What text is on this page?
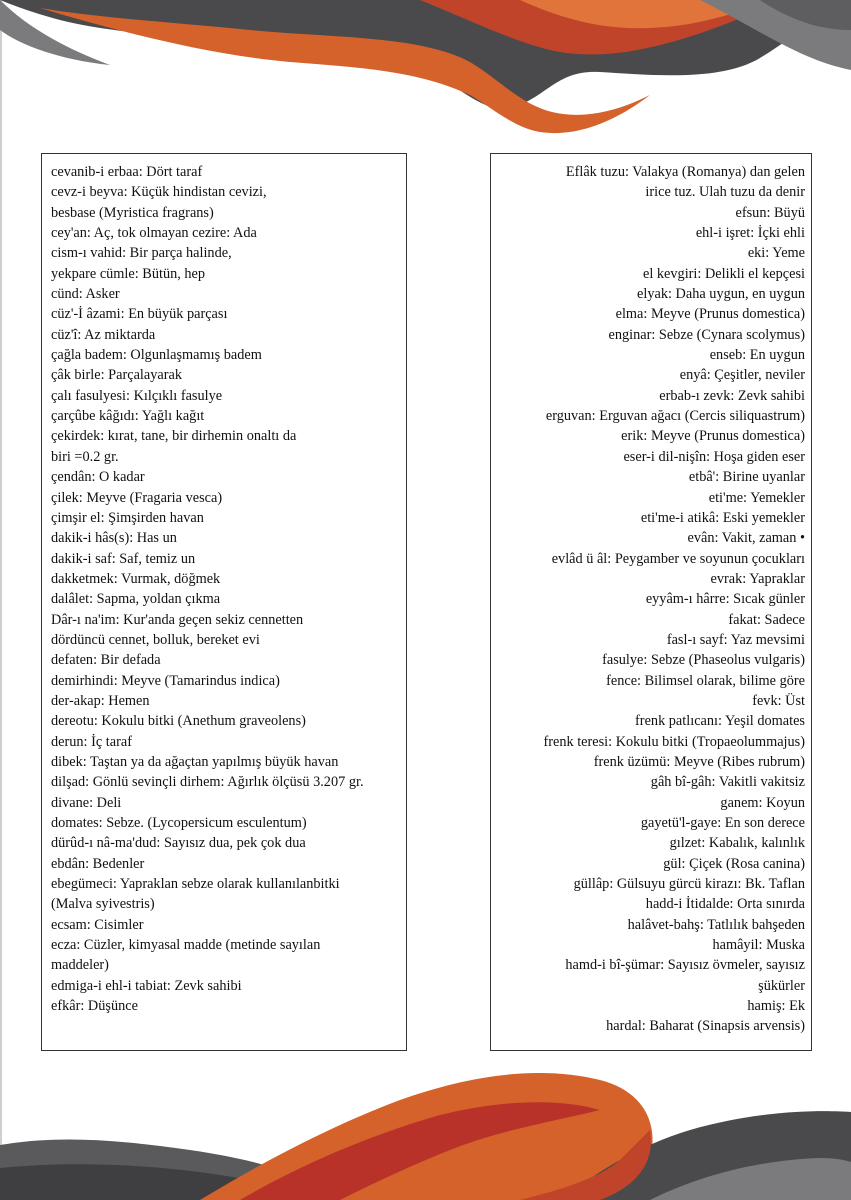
cevanib-i erbaa: Dört taraf
cevz-i beyva: Küçük hindistan cevizi,
besbase (Myristica fragrans)
cey'an: Aç, tok olmayan cezire: Ada
cism-ı vahid: Bir parça halinde,
yekpare cümle: Bütün, hep
cünd: Asker
cüz'-İ âzami: En büyük parçası
cüz'î: Az miktarda
çağla badem: Olgunlaşmamış badem
çâk birle: Parçalayarak
çalı fasulyesi: Kılçıklı fasulye
çarçûbe kâğıdı: Yağlı kağıt
çekirdek: kırat, tane, bir dirhemin onaltı da
biri =0.2 gr.
çendân: O kadar
çilek: Meyve (Fragaria vesca)
çimşir el: Şimşirden havan
dakik-i hâs(s): Has un
dakik-i saf: Saf, temiz un
dakketmek: Vurmak, döğmek
dalâlet: Sapma, yoldan çıkma
Dâr-ı na'im: Kur'anda geçen sekiz cennetten
dördüncü cennet, bolluk, bereket evi
defaten: Bir defada
demirhindi: Meyve (Tamarindus indica)
der-akap: Hemen
dereotu: Kokulu bitki (Anethum graveolens)
derun: İç taraf
dibek: Taştan ya da ağaçtan yapılmış büyük havan
dilşad: Gönlü sevinçli dirhem: Ağırlık ölçüsü 3.207 gr.
divane: Deli
domates: Sebze. (Lycopersicum esculentum)
dürûd-ı nâ-ma'dud: Sayısız dua, pek çok dua
ebdân: Bedenler
ebegümeci: Yapraklan sebze olarak kullanılanbitki
(Malva syivestris)
ecsam: Cisimler
ecza: Cüzler, kimyasal madde (metinde sayılan
maddeler)
edmiga-i ehl-i tabiat: Zevk sahibi
efkâr: Düşünce
Eflâk tuzu: Valakya (Romanya) dan gelen
irice tuz. Ulah tuzu da denir
efsun: Büyü
ehl-i işret: İçki ehli
eki: Yeme
el kevgiri: Delikli el kepçesi
elyak: Daha uygun, en uygun
elma: Meyve (Prunus domestica)
enginar: Sebze (Cynara scolymus)
enseb: En uygun
enyâ: Çeşitler, neviler
erbab-ı zevk: Zevk sahibi
erguvan: Erguvan ağacı (Cercis siliquastrum)
erik: Meyve (Prunus domestica)
eser-i dil-nişîn: Hoşa giden eser
etbâ': Birine uyanlar
eti'me: Yemekler
eti'me-i atikâ: Eski yemekler
evân: Vakit, zaman •
evlâd ü âl: Peygamber ve soyunun çocukları
evrak: Yapraklar
eyyâm-ı hârre: Sıcak günler
fakat: Sadece
fasl-ı sayf: Yaz mevsimi
fasulye: Sebze (Phaseolus vulgaris)
fence: Bilimsel olarak, bilime göre
fevk: Üst
frenk patlıcanı: Yeşil domates
frenk teresi: Kokulu bitki (Tropaeolummajus)
frenk üzümü: Meyve (Ribes rubrum)
gâh bî-gâh: Vakitli vakitsiz
ganem: Koyun
gayetü'l-gaye: En son derece
gılzet: Kabalık, kalınlık
gül: Çiçek (Rosa canina)
güllâp: Gülsuyu gürcü kirazı: Bk. Taflan
hadd-i İtidalde: Orta sınırda
halâvet-bahş: Tatlılık bahşeden
hamâyil: Muska
hamd-i bî-şümar: Sayısız övmeler, sayısız
şükürler
hamiş: Ek
hardal: Baharat (Sinapsis arvensis)
